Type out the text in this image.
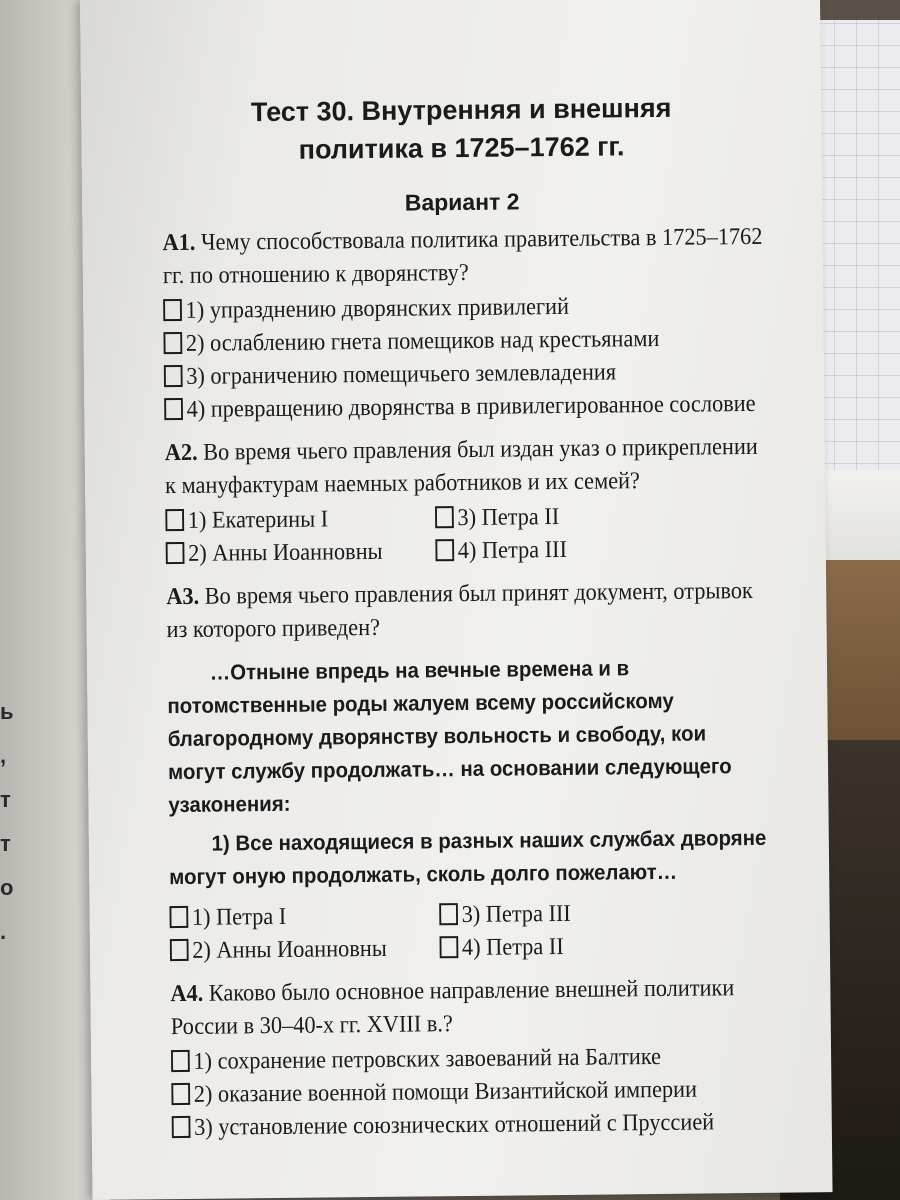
ь
,
т
т
о
.
Тест 30. Внутренняя и внешняя
политика в 1725–1762 гг.
Вариант 2

А1. Чему способствовала политика правительства в 1725–1762 гг. по отношению к дворянству?

1) упразднению дворянских привилегий
2) ослаблению гнета помещиков над крестьянами
3) ограничению помещичьего землевладения
4) превращению дворянства в привилегированное сословие

А2. Во время чьего правления был издан указ о прикреплении к мануфактурам наемных работников и их семей?

1) Екатерины I	3) Петра II
2) Анны Иоанновны	4) Петра III

А3. Во время чьего правления был принят документ, отрывок из которого приведен?

…Отныне впредь на вечные времена и в потомственные роды жалуем всему российскому благородному дворянству вольность и свободу, кои могут службу продолжать… на основании следующего узаконения:

1) Все находящиеся в разных наших службах дворяне могут оную продолжать, сколь долго пожелают…

1) Петра I	3) Петра III
2) Анны Иоанновны	4) Петра II

А4. Каково было основное направление внешней политики России в 30–40-х гг. XVIII в.?

1) сохранение петровских завоеваний на Балтике
2) оказание военной помощи Византийской империи
3) установление союзнических отношений с Пруссией
